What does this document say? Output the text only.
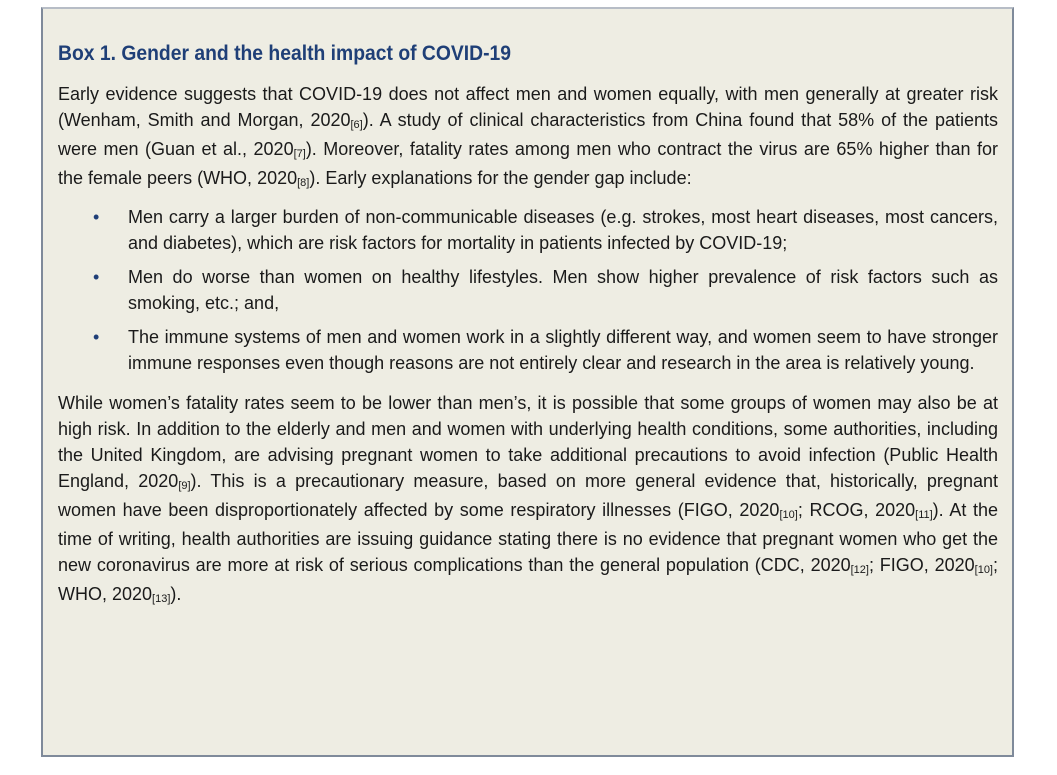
Box 1. Gender and the health impact of COVID-19

Early evidence suggests that COVID-19 does not affect men and women equally, with men generally at greater risk (Wenham, Smith and Morgan, $2020_{[6]}$). A study of clinical characteristics from China found that 58% of the patients were men (Guan et al., $2020_{[7]}$). Moreover, fatality rates among men who contract the virus are 65% higher than for the female peers (WHO, $2020_{[8]}$). Early explanations for the gender gap include:

• Men carry a larger burden of non-communicable diseases (e.g. strokes, most heart diseases, most cancers, and diabetes), which are risk factors for mortality in patients infected by COVID-19;
• Men do worse than women on healthy lifestyles. Men show higher prevalence of risk factors such as smoking, etc.; and,
• The immune systems of men and women work in a slightly different way, and women seem to have stronger immune responses even though reasons are not entirely clear and research in the area is relatively young.

While women’s fatality rates seem to be lower than men’s, it is possible that some groups of women may also be at high risk. In addition to the elderly and men and women with underlying health conditions, some authorities, including the United Kingdom, are advising pregnant women to take additional precautions to avoid infection (Public Health England, $2020_{[9]}$). This is a precautionary measure, based on more general evidence that, historically, pregnant women have been disproportionately affected by some respiratory illnesses (FIGO, $2020_{[10]}$; RCOG, $2020_{[11]}$). At the time of writing, health authorities are issuing guidance stating there is no evidence that pregnant women who get the new coronavirus are more at risk of serious complications than the general population (CDC, $2020_{[12]}$; FIGO, $2020_{[10]}$; WHO, $2020_{[13]}$).
